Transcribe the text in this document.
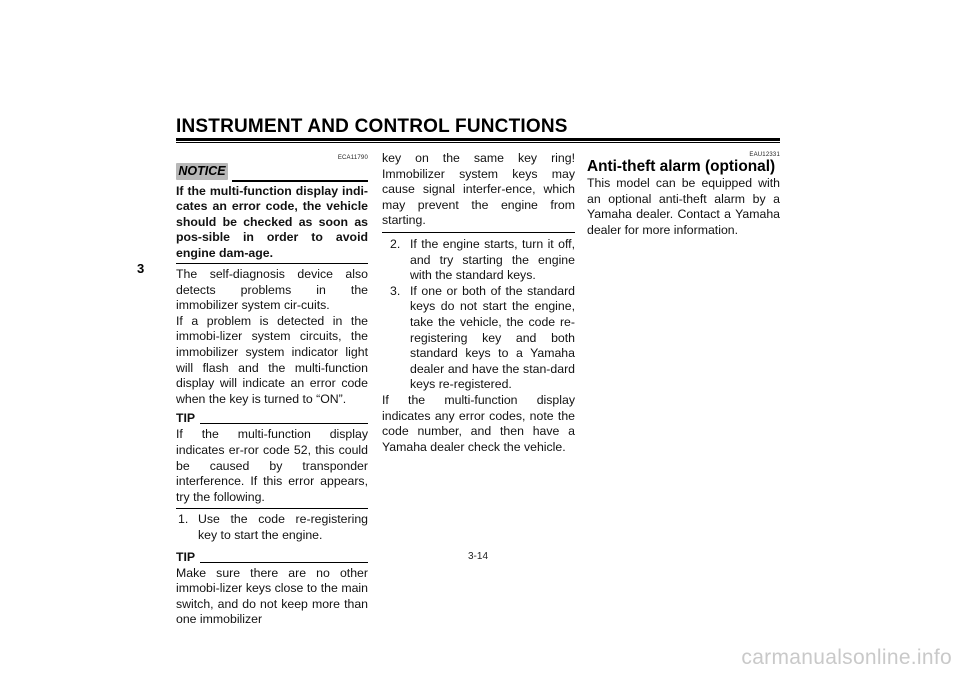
INSTRUMENT AND CONTROL FUNCTIONS
3
ECA11790
NOTICE
If the multi-function display indi-cates an error code, the vehicle should be checked as soon as pos-sible in order to avoid engine dam-age.

The self-diagnosis device also detects problems in the immobilizer system cir-cuits.

If a problem is detected in the immobi-lizer system circuits, the immobilizer system indicator light will flash and the multi-function display will indicate an error code when the key is turned to “ON”.

TIP
If the multi-function display indicates er-ror code 52, this could be caused by transponder interference. If this error appears, try the following.
1. Use the code re-registering key to start the engine.
TIP
Make sure there are no other immobi-lizer keys close to the main switch, and do not keep more than one immobilizer
key on the same key ring! Immobilizer system keys may cause signal interfer-ence, which may prevent the engine from starting.
2. If the engine starts, turn it off, and try starting the engine with the standard keys.
3. If one or both of the standard keys do not start the engine, take the vehicle, the code re-registering key and both standard keys to a Yamaha dealer and have the stan-dard keys re-registered.

If the multi-function display indicates any error codes, note the code number, and then have a Yamaha dealer check the vehicle.

EAU12331
Anti-theft alarm (optional)

This model can be equipped with an optional anti-theft alarm by a Yamaha dealer. Contact a Yamaha dealer for more information.

3-14
carmanualsonline.info
